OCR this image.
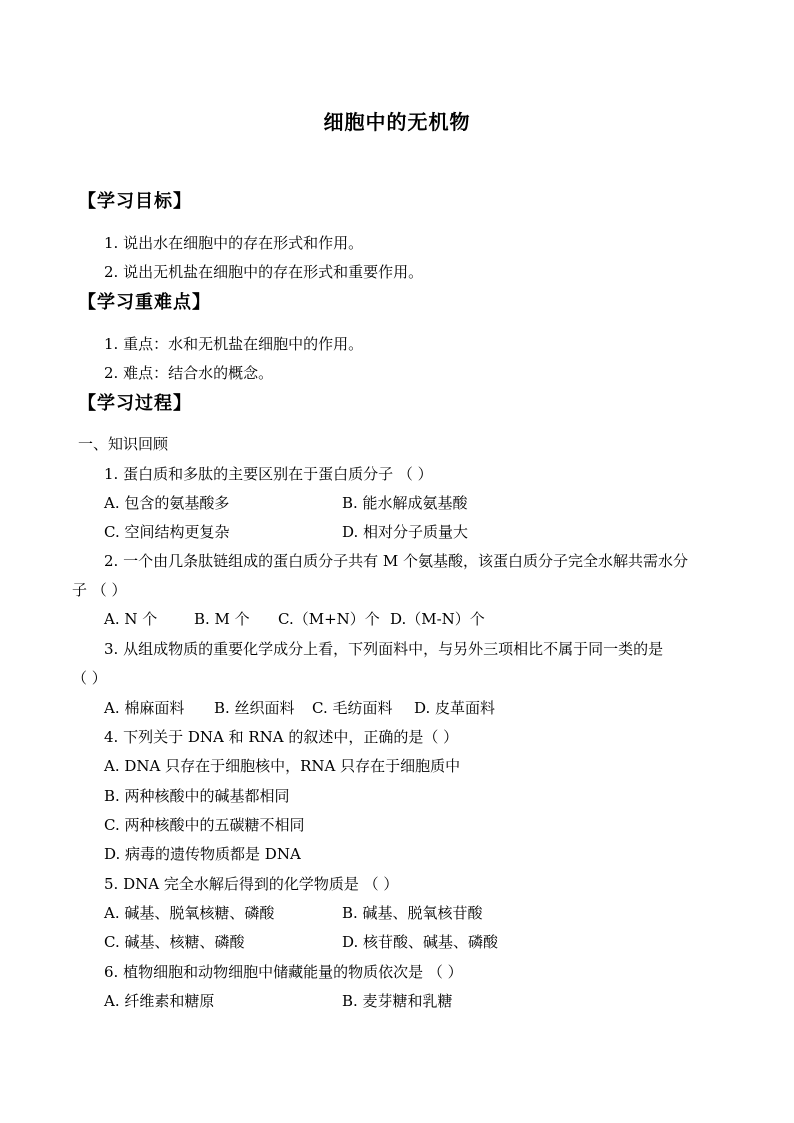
细胞中的无机物
【学习目标】
1. 说出水在细胞中的存在形式和作用。
2. 说出无机盐在细胞中的存在形式和重要作用。
【学习重难点】
1. 重点：水和无机盐在细胞中的作用。
2. 难点：结合水的概念。
【学习过程】
一、知识回顾
1. 蛋白质和多肽的主要区别在于蛋白质分子 （ ）
A. 包含的氨基酸多	B. 能水解成氨基酸
C. 空间结构更复杂	D. 相对分子质量大
2. 一个由几条肽链组成的蛋白质分子共有 M 个氨基酸，该蛋白质分子完全水解共需水分
子 （ ）
A. N 个 B. M 个 C.（M+N）个 D.（M-N）个
3. 从组成物质的重要化学成分上看，下列面料中，与另外三项相比不属于同一类的是
（ ）
A. 棉麻面料 B. 丝织面料 C. 毛纺面料 D. 皮革面料
4. 下列关于 DNA 和 RNA 的叙述中，正确的是（ ）
A. DNA 只存在于细胞核中，RNA 只存在于细胞质中
B. 两种核酸中的碱基都相同
C. 两种核酸中的五碳糖不相同
D. 病毒的遗传物质都是 DNA
5. DNA 完全水解后得到的化学物质是 （ ）
A. 碱基、脱氧核糖、磷酸	B. 碱基、脱氧核苷酸
C. 碱基、核糖、磷酸	D. 核苷酸、碱基、磷酸
6. 植物细胞和动物细胞中储藏能量的物质依次是 （ ）
A. 纤维素和糖原	B. 麦芽糖和乳糖
